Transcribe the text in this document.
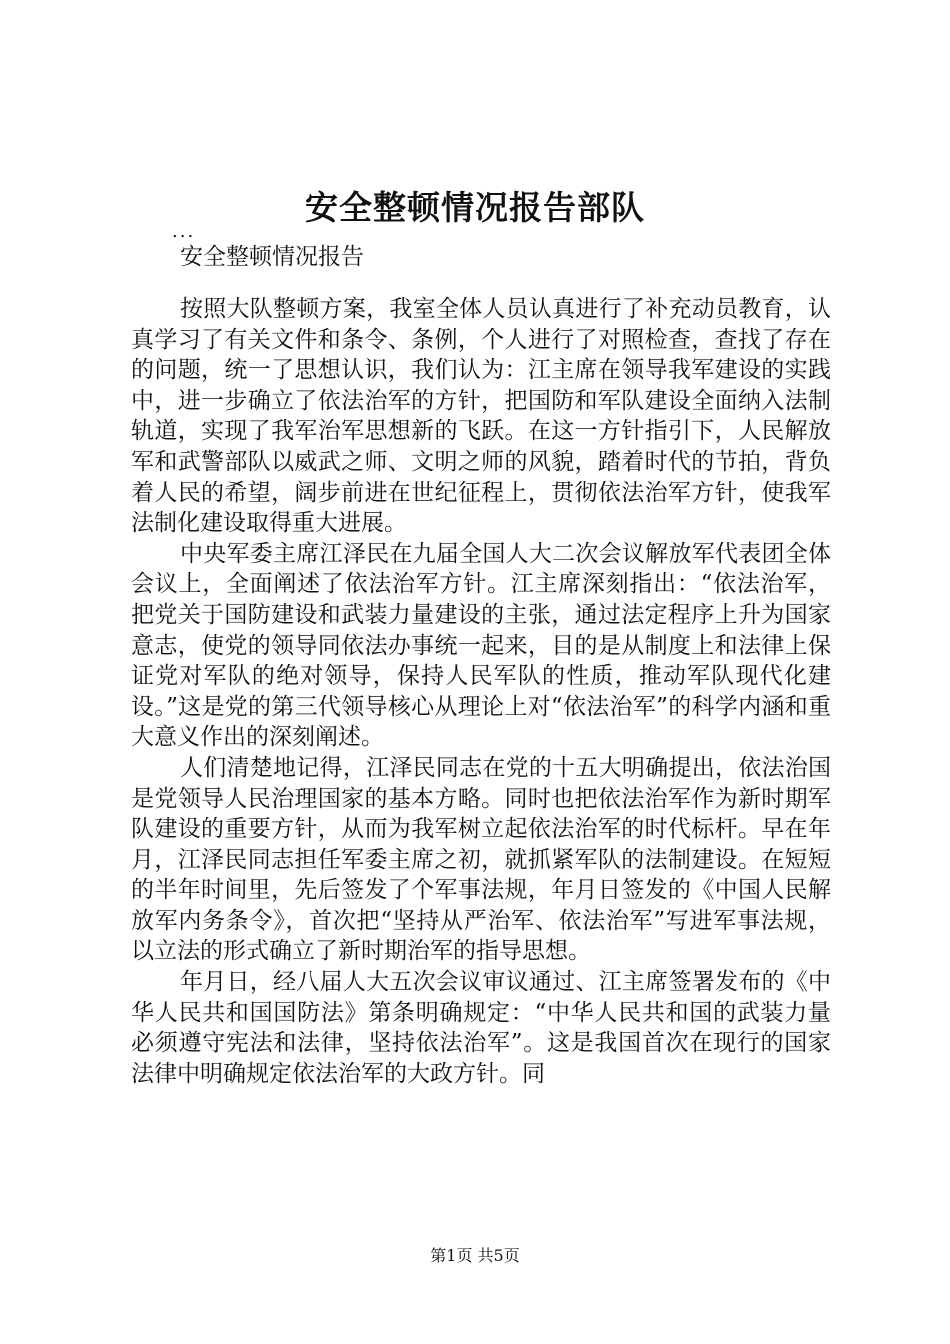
安全整顿情况报告部队
...

安全整顿情况报告

按照大队整顿方案，我室全体人员认真进行了补充动员教育，认真学习了有关文件和条令、条例，个人进行了对照检查，查找了存在的问题，统一了思想认识，我们认为：江主席在领导我军建设的实践中，进一步确立了依法治军的方针，把国防和军队建设全面纳入法制轨道，实现了我军治军思想新的飞跃。在这一方针指引下，人民解放军和武警部队以威武之师、文明之师的风貌，踏着时代的节拍，背负着人民的希望，阔步前进在世纪征程上，贯彻依法治军方针，使我军法制化建设取得重大进展。

中央军委主席江泽民在九届全国人大二次会议解放军代表团全体会议上，全面阐述了依法治军方针。江主席深刻指出：“依法治军，把党关于国防建设和武装力量建设的主张，通过法定程序上升为国家意志，使党的领导同依法办事统一起来，目的是从制度上和法律上保证党对军队的绝对领导，保持人民军队的性质，推动军队现代化建设。”这是党的第三代领导核心从理论上对“依法治军”的科学内涵和重大意义作出的深刻阐述。

人们清楚地记得，江泽民同志在党的十五大明确提出，依法治国是党领导人民治理国家的基本方略。同时也把依法治军作为新时期军队建设的重要方针，从而为我军树立起依法治军的时代标杆。早在年月，江泽民同志担任军委主席之初，就抓紧军队的法制建设。在短短的半年时间里，先后签发了个军事法规，年月日签发的《中国人民解放军内务条令》，首次把“坚持从严治军、依法治军”写进军事法规，以立法的形式确立了新时期治军的指导思想。

年月日，经八届人大五次会议审议通过、江主席签署发布的《中华人民共和国国防法》第条明确规定：“中华人民共和国的武装力量必须遵守宪法和法律，坚持依法治军”。这是我国首次在现行的国家法律中明确规定依法治军的大政方针。同

第1页 共5页
